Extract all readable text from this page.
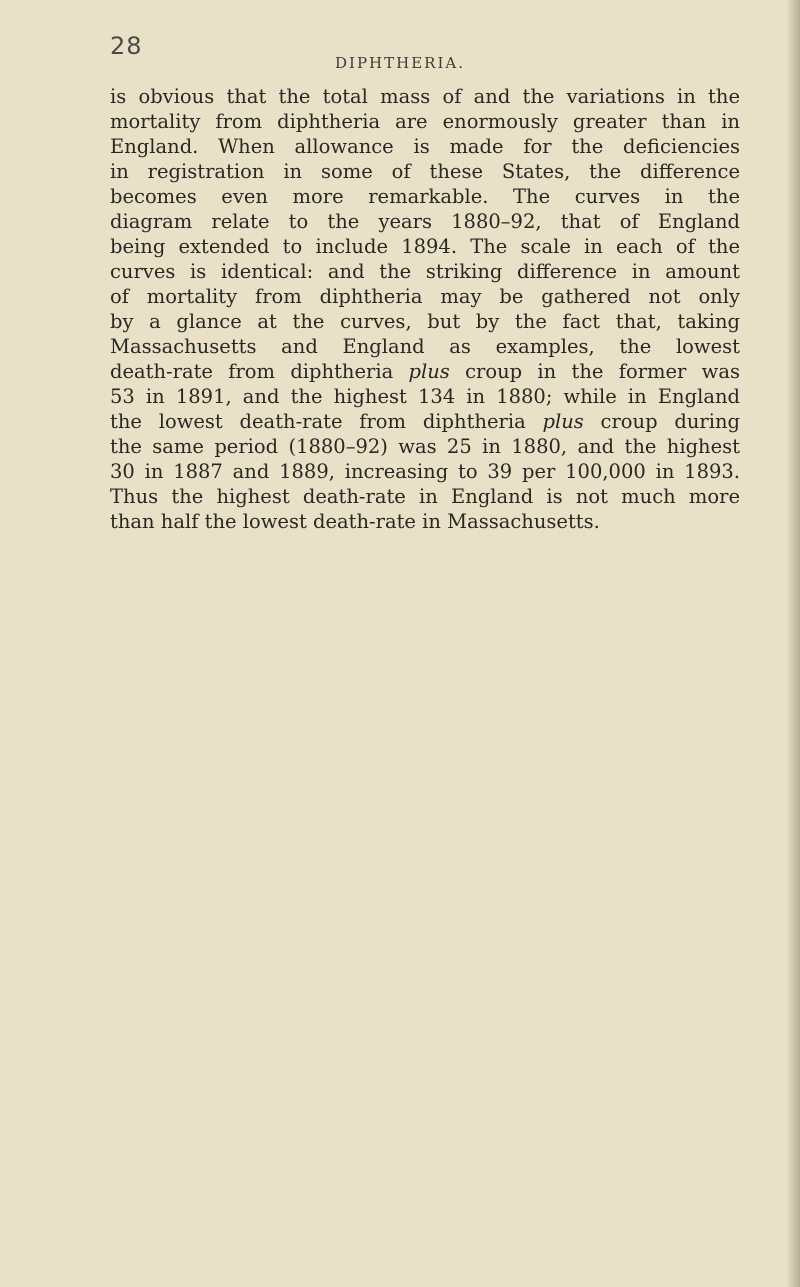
28
DIPHTHERIA.
is obvious that the total mass of and the variations in the
mortality from diphtheria are enormously greater than in
England. When allowance is made for the deficiencies
in registration in some of these States, the difference
becomes even more remarkable. The curves in the
diagram relate to the years 1880–92, that of England
being extended to include 1894. The scale in each of the
curves is identical: and the striking difference in amount
of mortality from diphtheria may be gathered not only
by a glance at the curves, but by the fact that, taking
Massachusetts and England as examples, the lowest
death-rate from diphtheria plus croup in the former was
53 in 1891, and the highest 134 in 1880; while in England
the lowest death-rate from diphtheria plus croup during
the same period (1880–92) was 25 in 1880, and the highest
30 in 1887 and 1889, increasing to 39 per 100,000 in 1893.
Thus the highest death-rate in England is not much more
than half the lowest death-rate in Massachusetts.
